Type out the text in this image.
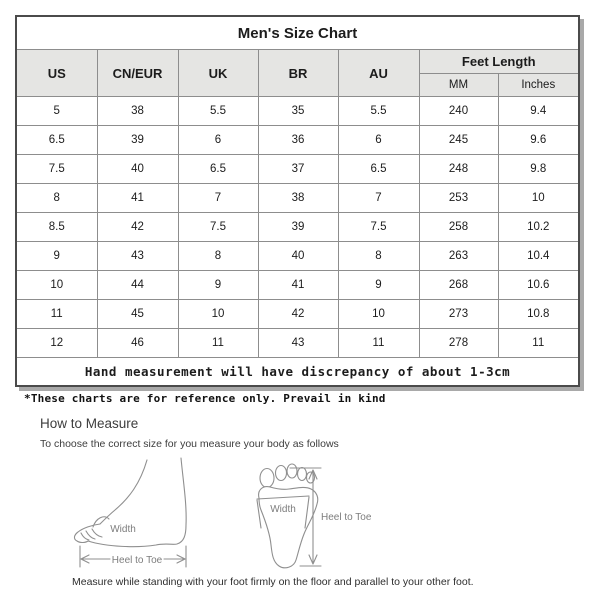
Men's Size Chart						
US	CN/EUR	UK	BR	AU	Feet Length	
					MM	Inches
5	38	5.5	35	5.5	240	9.4
6.5	39	6	36	6	245	9.6
7.5	40	6.5	37	6.5	248	9.8
8	41	7	38	7	253	10
8.5	42	7.5	39	7.5	258	10.2
9	43	8	40	8	263	10.4
10	44	9	41	9	268	10.6
11	45	10	42	10	273	10.8
12	46	11	43	11	278	11
Hand measurement will have discrepancy of about 1-3cm						
*These charts are for reference only. Prevail in kind
How to Measure
To choose the correct size for you measure your body as follows
Width
Heel to Toe
Width
Heel to Toe
Measure while standing with your foot firmly on the floor and parallel to your other foot.
